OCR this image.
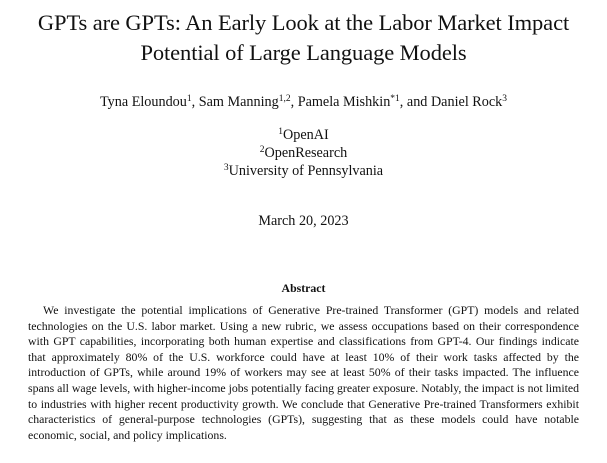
GPTs are GPTs: An Early Look at the Labor Market Impact
Potential of Large Language Models
Tyna Eloundou$^1$, Sam Manning$^{1,2}$, Pamela Mishkin$^{*1}$, and Daniel Rock$^3$
$^1$OpenAI
$^2$OpenResearch
$^3$University of Pennsylvania
March 20, 2023
Abstract

We investigate the potential implications of Generative Pre-trained Transformer (GPT) models and related technologies on the U.S. labor market. Using a new rubric, we assess occupations based on their correspondence with GPT capabilities, incorporating both human expertise and classifications from GPT-4. Our findings indicate that approximately 80% of the U.S. workforce could have at least 10% of their work tasks affected by the introduction of GPTs, while around 19% of workers may see at least 50% of their tasks impacted. The influence spans all wage levels, with higher-income jobs potentially facing greater exposure. Notably, the impact is not limited to industries with higher recent productivity growth. We conclude that Generative Pre-trained Transformers exhibit characteristics of general-purpose technologies (GPTs), suggesting that as these models could have notable economic, social, and policy implications.
